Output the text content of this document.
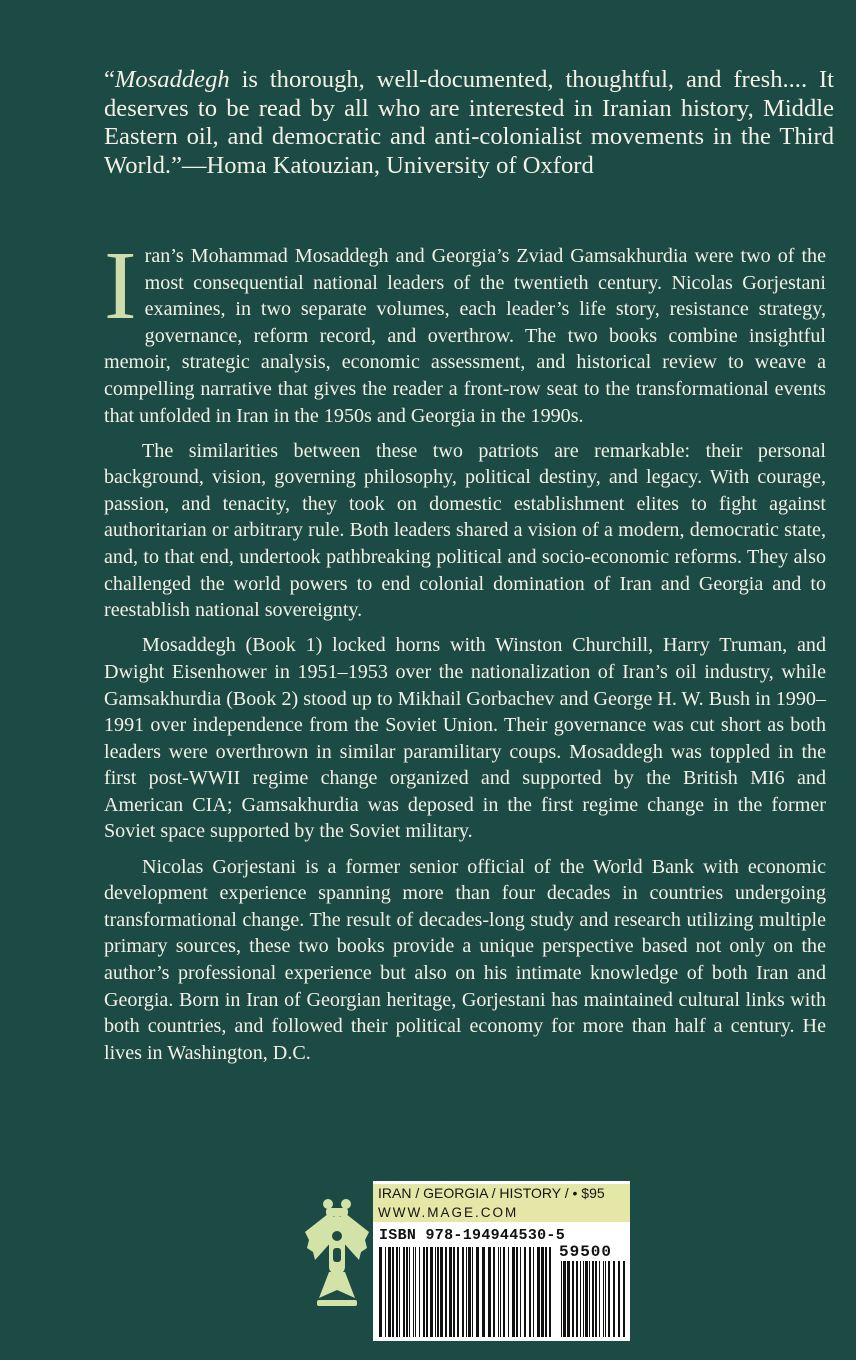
“Mosaddegh is thorough, well-documented, thoughtful, and fresh.... It deserves to be read by all who are interested in Iranian history, Middle Eastern oil, and democratic and anti-colonialist movements in the Third World.”—Homa Katouzian, University of Oxford

Iran’s Mohammad Mosaddegh and Georgia’s Zviad Gamsakhurdia were two of the most consequential national leaders of the twentieth century. Nicolas Gorjestani examines, in two separate volumes, each leader’s life story, resistance strategy, governance, reform record, and overthrow. The two books combine insightful memoir, strategic analysis, economic assessment, and historical review to weave a compelling narrative that gives the reader a front-row seat to the transformational events that unfolded in Iran in the 1950s and Georgia in the 1990s.

The similarities between these two patriots are remarkable: their personal background, vision, governing philosophy, political destiny, and legacy. With courage, passion, and tenacity, they took on domestic establishment elites to fight against authoritarian or arbitrary rule. Both leaders shared a vision of a modern, democratic state, and, to that end, undertook pathbreaking political and socio-economic reforms. They also challenged the world powers to end colonial domination of Iran and Georgia and to reestablish national sovereignty.

Mosaddegh (Book 1) locked horns with Winston Churchill, Harry Truman, and Dwight Eisenhower in 1951–1953 over the nationalization of Iran’s oil industry, while Gamsakhurdia (Book 2) stood up to Mikhail Gorbachev and George H. W. Bush in 1990–1991 over independence from the Soviet Union. Their governance was cut short as both leaders were overthrown in similar paramilitary coups. Mosaddegh was toppled in the first post-WWII regime change organized and supported by the British MI6 and American CIA; Gamsakhurdia was deposed in the first regime change in the former Soviet space supported by the Soviet military.

Nicolas Gorjestani is a former senior official of the World Bank with economic development experience spanning more than four decades in countries undergoing transformational change. The result of decades-long study and research utilizing multiple primary sources, these two books provide a unique perspective based not only on the author’s professional experience but also on his intimate knowledge of both Iran and Georgia. Born in Iran of Georgian heritage, Gorjestani has maintained cultural links with both countries, and followed their political economy for more than half a century. He lives in Washington, D.C.

IRAN / GEORGIA / HISTORY / • $95
WWW.MAGE.COM
ISBN 978-194944530-5
59500
